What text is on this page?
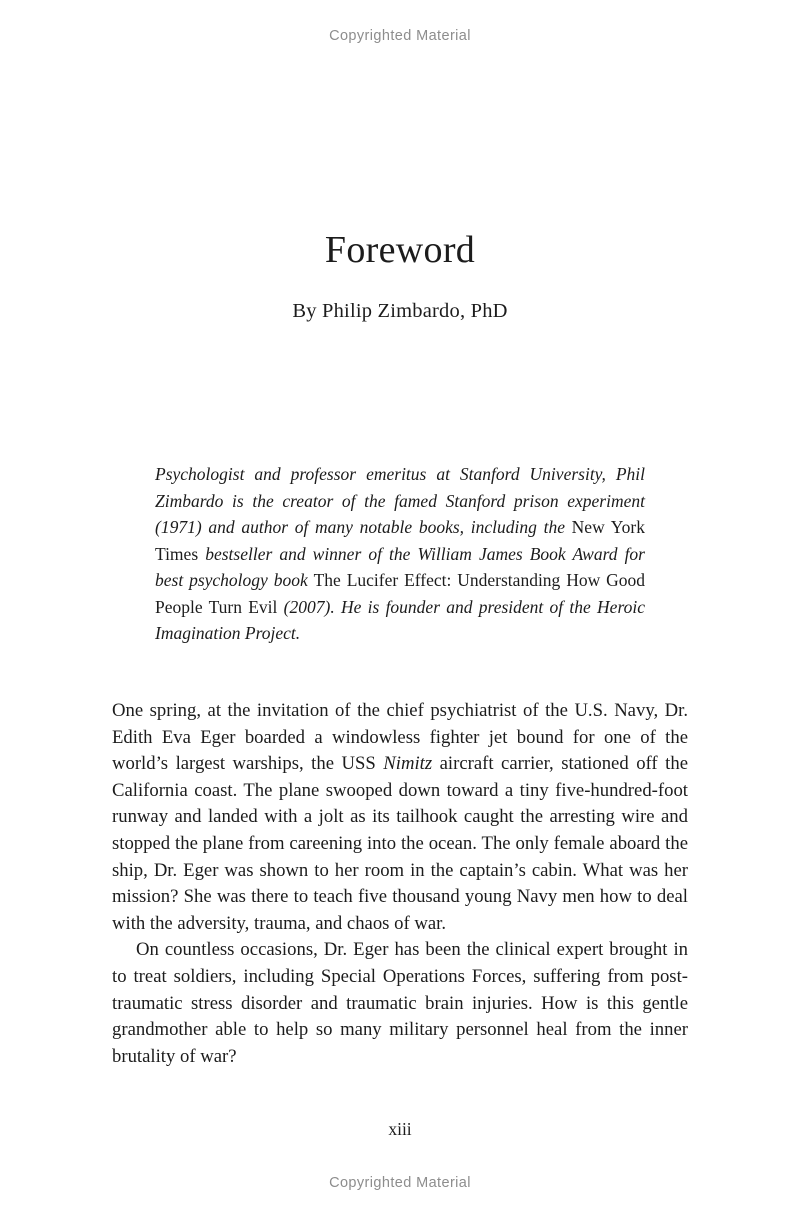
Copyrighted Material
Foreword
By Philip Zimbardo, PhD

Psychologist and professor emeritus at Stanford University, Phil Zimbardo is the creator of the famed Stanford prison experiment (1971) and author of many notable books, including the New York Times bestseller and winner of the William James Book Award for best psychology book The Lucifer Effect: Understanding How Good People Turn Evil (2007). He is founder and president of the Heroic Imagination Project.

One spring, at the invitation of the chief psychiatrist of the U.S. Navy, Dr. Edith Eva Eger boarded a windowless fighter jet bound for one of the world’s largest warships, the USS Nimitz aircraft carrier, stationed off the California coast. The plane swooped down toward a tiny five-hundred-foot runway and landed with a jolt as its tailhook caught the arresting wire and stopped the plane from careening into the ocean. The only female aboard the ship, Dr. Eger was shown to her room in the captain’s cabin. What was her mission? She was there to teach five thousand young Navy men how to deal with the adversity, trauma, and chaos of war.

On countless occasions, Dr. Eger has been the clinical expert brought in to treat soldiers, including Special Operations Forces, suffering from post-traumatic stress disorder and traumatic brain injuries. How is this gentle grandmother able to help so many military personnel heal from the inner brutality of war?

xiii
Copyrighted Material
